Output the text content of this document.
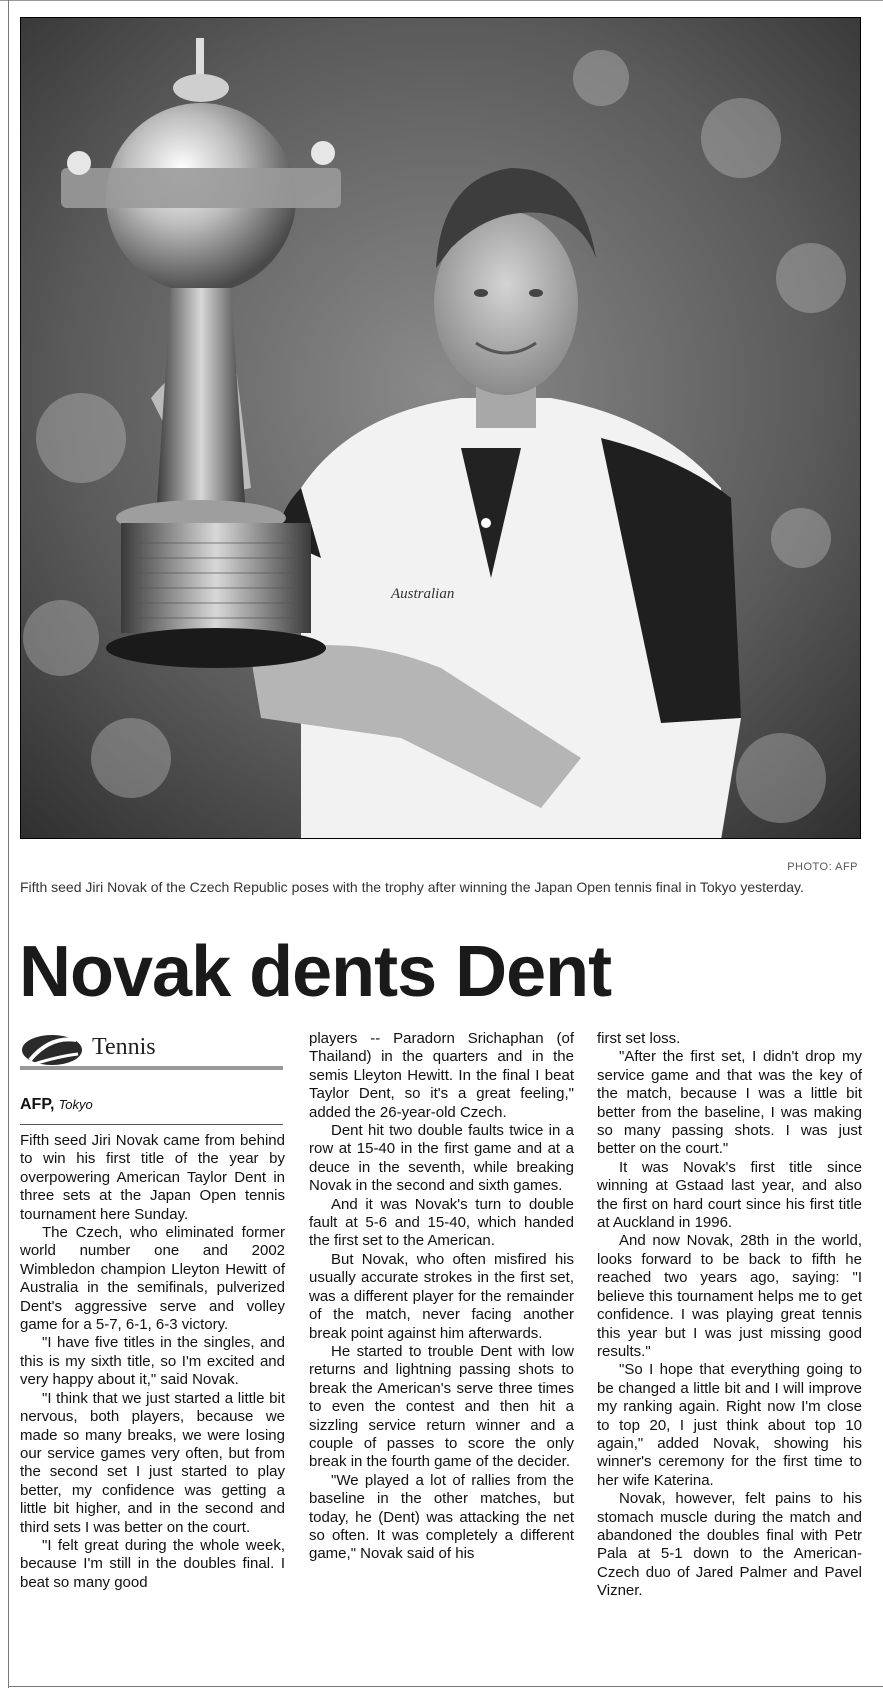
Australian
PHOTO: AFP
Fifth seed Jiri Novak of the Czech Republic poses with the trophy after winning the Japan Open tennis final in Tokyo yesterday.
Novak dents Dent
Tennis
AFP, Tokyo

Fifth seed Jiri Novak came from behind to win his first title of the year by overpowering American Taylor Dent in three sets at the Japan Open tennis tournament here Sunday.

The Czech, who eliminated former world number one and 2002 Wimbledon champion Lleyton Hewitt of Australia in the semifinals, pulverized Dent's aggressive serve and volley game for a 5-7, 6-1, 6-3 victory.

"I have five titles in the singles, and this is my sixth title, so I'm excited and very happy about it," said Novak.

"I think that we just started a little bit nervous, both players, because we made so many breaks, we were losing our service games very often, but from the second set I just started to play better, my confidence was getting a little bit higher, and in the second and third sets I was better on the court.

"I felt great during the whole week, because I'm still in the doubles final. I beat so many good

players -- Paradorn Srichaphan (of Thailand) in the quarters and in the semis Lleyton Hewitt. In the final I beat Taylor Dent, so it's a great feeling," added the 26-year-old Czech.

Dent hit two double faults twice in a row at 15-40 in the first game and at a deuce in the seventh, while breaking Novak in the second and sixth games.

And it was Novak's turn to double fault at 5-6 and 15-40, which handed the first set to the American.

But Novak, who often misfired his usually accurate strokes in the first set, was a different player for the remainder of the match, never facing another break point against him afterwards.

He started to trouble Dent with low returns and lightning passing shots to break the American's serve three times to even the contest and then hit a sizzling service return winner and a couple of passes to score the only break in the fourth game of the decider.

"We played a lot of rallies from the baseline in the other matches, but today, he (Dent) was attacking the net so often. It was completely a different game," Novak said of his

first set loss.

"After the first set, I didn't drop my service game and that was the key of the match, because I was a little bit better from the baseline, I was making so many passing shots. I was just better on the court."

It was Novak's first title since winning at Gstaad last year, and also the first on hard court since his first title at Auckland in 1996.

And now Novak, 28th in the world, looks forward to be back to fifth he reached two years ago, saying: "I believe this tournament helps me to get confidence. I was playing great tennis this year but I was just missing good results."

"So I hope that everything going to be changed a little bit and I will improve my ranking again. Right now I'm close to top 20, I just think about top 10 again," added Novak, showing his winner's ceremony for the first time to her wife Katerina.

Novak, however, felt pains to his stomach muscle during the match and abandoned the doubles final with Petr Pala at 5-1 down to the American-Czech duo of Jared Palmer and Pavel Vizner.
